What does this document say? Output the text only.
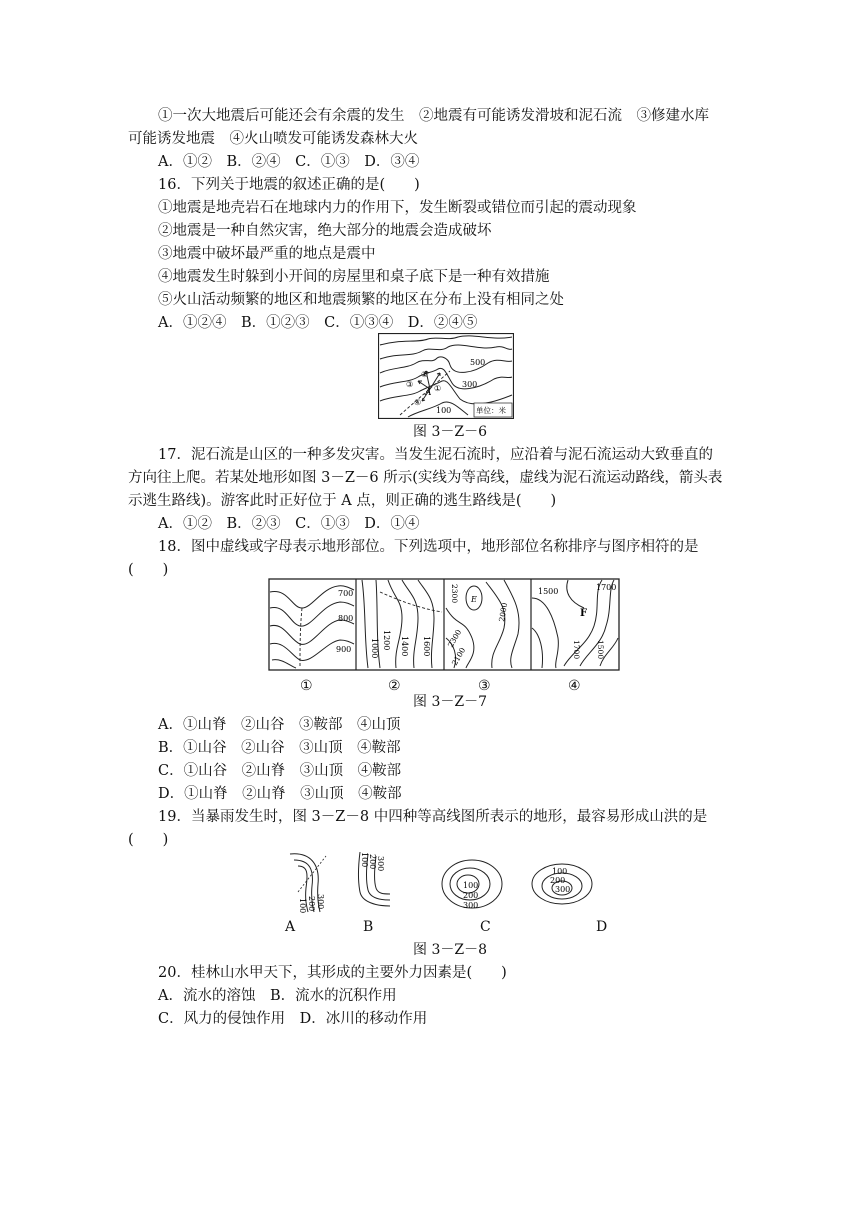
①一次大地震后可能还会有余震的发生　②地震有可能诱发滑坡和泥石流　③修建水库
可能诱发地震　④火山喷发可能诱发森林大火
A．①②　B．②④　C．①③　D．③④
16．下列关于地震的叙述正确的是(　　)
①地震是地壳岩石在地球内力的作用下，发生断裂或错位而引起的震动现象
②地震是一种自然灾害，绝大部分的地震会造成破坏
③地震中破坏最严重的地点是震中
④地震发生时躲到小开间的房屋里和桌子底下是一种有效措施
⑤火山活动频繁的地区和地震频繁的地区在分布上没有相同之处
A．①②④　B．①②③　C．①③④　D．②④⑤
500
300
100
②
③	①
④
A
单位：米
图 3－Z－6
17．泥石流是山区的一种多发灾害。当发生泥石流时，应沿着与泥石流运动大致垂直的
方向往上爬。若某处地形如图 3－Z－6 所示(实线为等高线，虚线为泥石流运动路线，箭头表
示逃生路线)。游客此时正好位于 A 点，则正确的逃生路线是(　　)
A．①②　B．②③　C．①③　D．①④
18．图中虚线或字母表示地形部位。下列选项中，地形部位名称排序与图序相符的是
(　　)
700
800
900 1000 1200 1400 1600
E
2300
2300
2100
2000
1700
1500
1700 1500
F
①	②	③	④
图 3－Z－7
A．①山脊　②山谷　③鞍部　④山顶
B．①山谷　②山谷　③山顶　④鞍部
C．①山谷　②山脊　③山顶　④鞍部
D．①山脊　②山脊　③山顶　④鞍部
19．当暴雨发生时，图 3－Z－8 中四种等高线图所表示的地形，最容易形成山洪的是
(　　)
300
200
100
100 200 300
100
200
300
100
200
300
A	B	C	D
图 3－Z－8
20．桂林山水甲天下，其形成的主要外力因素是(　　)
A．流水的溶蚀　B．流水的沉积作用
C．风力的侵蚀作用　D．冰川的移动作用
